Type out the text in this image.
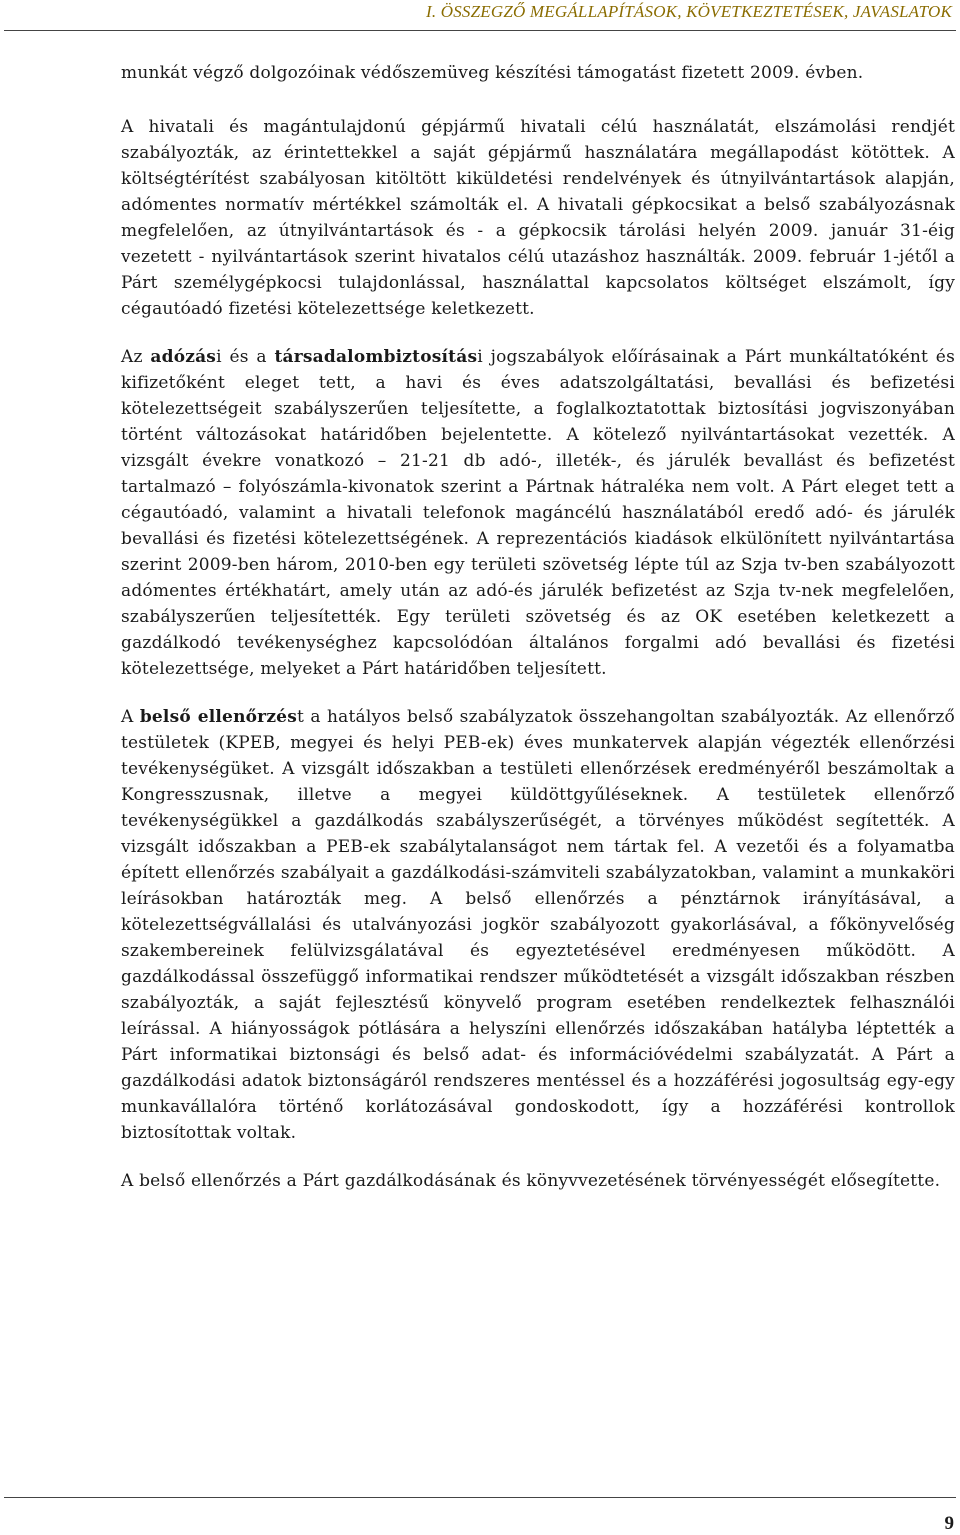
I. ÖSSZEGZŐ MEGÁLLAPÍTÁSOK, KÖVETKEZTETÉSEK, JAVASLATOK

munkát végző dolgozóinak védőszemüveg készítési támogatást fizetett 2009. évben.

A hivatali és magántulajdonú gépjármű hivatali célú használatát, elszámolási rendjét szabályozták, az érintettekkel a saját gépjármű használatára megállapodást kötöttek. A költségtérítést szabályosan kitöltött kiküldetési rendelvények és útnyilvántartások alapján, adómentes normatív mértékkel számolták el. A hivatali gépkocsikat a belső szabályozásnak megfelelően, az útnyilvántartások és - a gépkocsik tárolási helyén 2009. január 31-éig vezetett - nyilvántartások szerint hivatalos célú utazáshoz használták. 2009. február 1-jétől a Párt személygépkocsi tulajdonlással, használattal kapcsolatos költséget elszámolt, így cégautóadó fizetési kötelezettsége keletkezett.

Az adózási és a társadalombiztosítási jogszabályok előírásainak a Párt munkáltatóként és kifizetőként eleget tett, a havi és éves adatszolgáltatási, bevallási és befizetési kötelezettségeit szabályszerűen teljesítette, a foglalkoztatottak biztosítási jogviszonyában történt változásokat határidőben bejelentette. A kötelező nyilvántartásokat vezették. A vizsgált évekre vonatkozó – 21-21 db adó-, illeték-, és járulék bevallást és befizetést tartalmazó – folyószámla-kivonatok szerint a Pártnak hátraléka nem volt. A Párt eleget tett a cégautóadó, valamint a hivatali telefonok magáncélú használatából eredő adó- és járulék bevallási és fizetési kötelezettségének. A reprezentációs kiadások elkülönített nyilvántartása szerint 2009-ben három, 2010-ben egy területi szövetség lépte túl az Szja tv-ben szabályozott adómentes értékhatárt, amely után az adó-és járulék befizetést az Szja tv-nek megfelelően, szabályszerűen teljesítették. Egy területi szövetség és az OK esetében keletkezett a gazdálkodó tevékenységhez kapcsolódóan általános forgalmi adó bevallási és fizetési kötelezettsége, melyeket a Párt határidőben teljesített.

A belső ellenőrzést a hatályos belső szabályzatok összehangoltan szabályozták. Az ellenőrző testületek (KPEB, megyei és helyi PEB-ek) éves munkatervek alapján végezték ellenőrzési tevékenységüket. A vizsgált időszakban a testületi ellenőrzések eredményéről beszámoltak a Kongresszusnak, illetve a megyei küldöttgyűléseknek. A testületek ellenőrző tevékenységükkel a gazdálkodás szabályszerűségét, a törvényes működést segítették. A vizsgált időszakban a PEB-ek szabálytalanságot nem tártak fel. A vezetői és a folyamatba épített ellenőrzés szabályait a gazdálkodási-számviteli szabályzatokban, valamint a munkaköri leírásokban határozták meg. A belső ellenőrzés a pénztárnok irányításával, a kötelezettségvállalási és utalványozási jogkör szabályozott gyakorlásával, a főkönyvelőség szakembereinek felülvizsgálatával és egyeztetésével eredményesen működött. A gazdálkodással összefüggő informatikai rendszer működtetését a vizsgált időszakban részben szabályozták, a saját fejlesztésű könyvelő program esetében rendelkeztek felhasználói leírással. A hiányosságok pótlására a helyszíni ellenőrzés időszakában hatályba léptették a Párt informatikai biztonsági és belső adat- és információvédelmi szabályzatát. A Párt a gazdálkodási adatok biztonságáról rendszeres mentéssel és a hozzáférési jogosultság egy-egy munkavállalóra történő korlátozásával gondoskodott, így a hozzáférési kontrollok biztosítottak voltak.

A belső ellenőrzés a Párt gazdálkodásának és könyvvezetésének törvényességét elősegítette.

9
